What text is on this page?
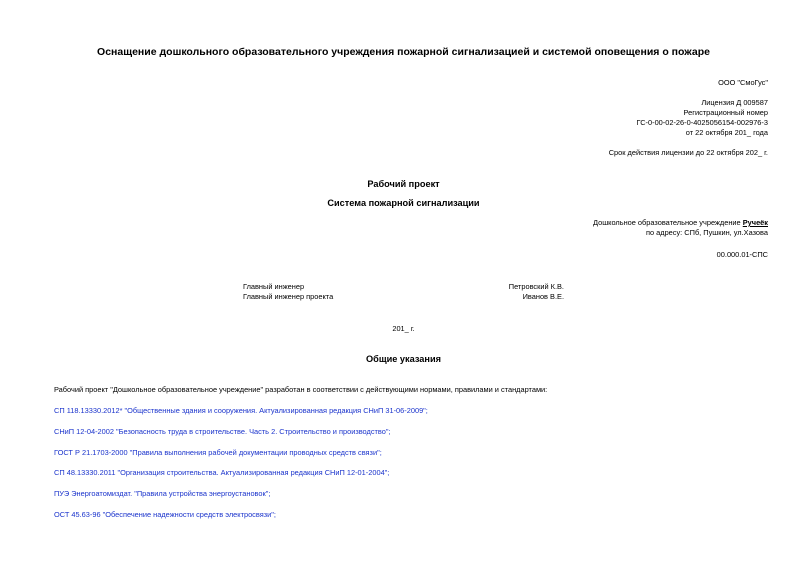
Оснащение дошкольного образовательного учреждения пожарной сигнализацией и системой оповещения о пожаре
ООО "СмоГус"
Лицензия Д 009587
Регистрационный номер
ГС-0-00-02-26-0-4025056154-002976-3
от 22 октября 201_ года
Срок действия лицензии до 22 октября 202_ г.
Рабочий проект
Система пожарной сигнализации
Дошкольное образовательное учреждение Ручеёк
по адресу: СПб, Пушкин, ул.Хазова
00.000.01-СПС
Главный инженер	Петровский К.В.
Главный инженер проекта	Иванов В.Е.
201_ г.
Общие указания
Рабочий проект "Дошкольное образовательное учреждение" разработан в соответствии с действующими нормами, правилами и стандартами:
СП 118.13330.2012* "Общественные здания и сооружения. Актуализированная редакция СНиП 31-06-2009";
СНиП 12-04-2002 "Безопасность труда в строительстве. Часть 2. Строительство и производство";
ГОСТ Р 21.1703-2000 "Правила выполнения рабочей документации проводных средств связи";
СП 48.13330.2011 "Организация строительства. Актуализированная редакция СНиП 12-01-2004";
ПУЭ Энергоатомиздат. "Правила устройства энергоустановок";
ОСТ 45.63-96 "Обеспечение надежности средств электросвязи";
